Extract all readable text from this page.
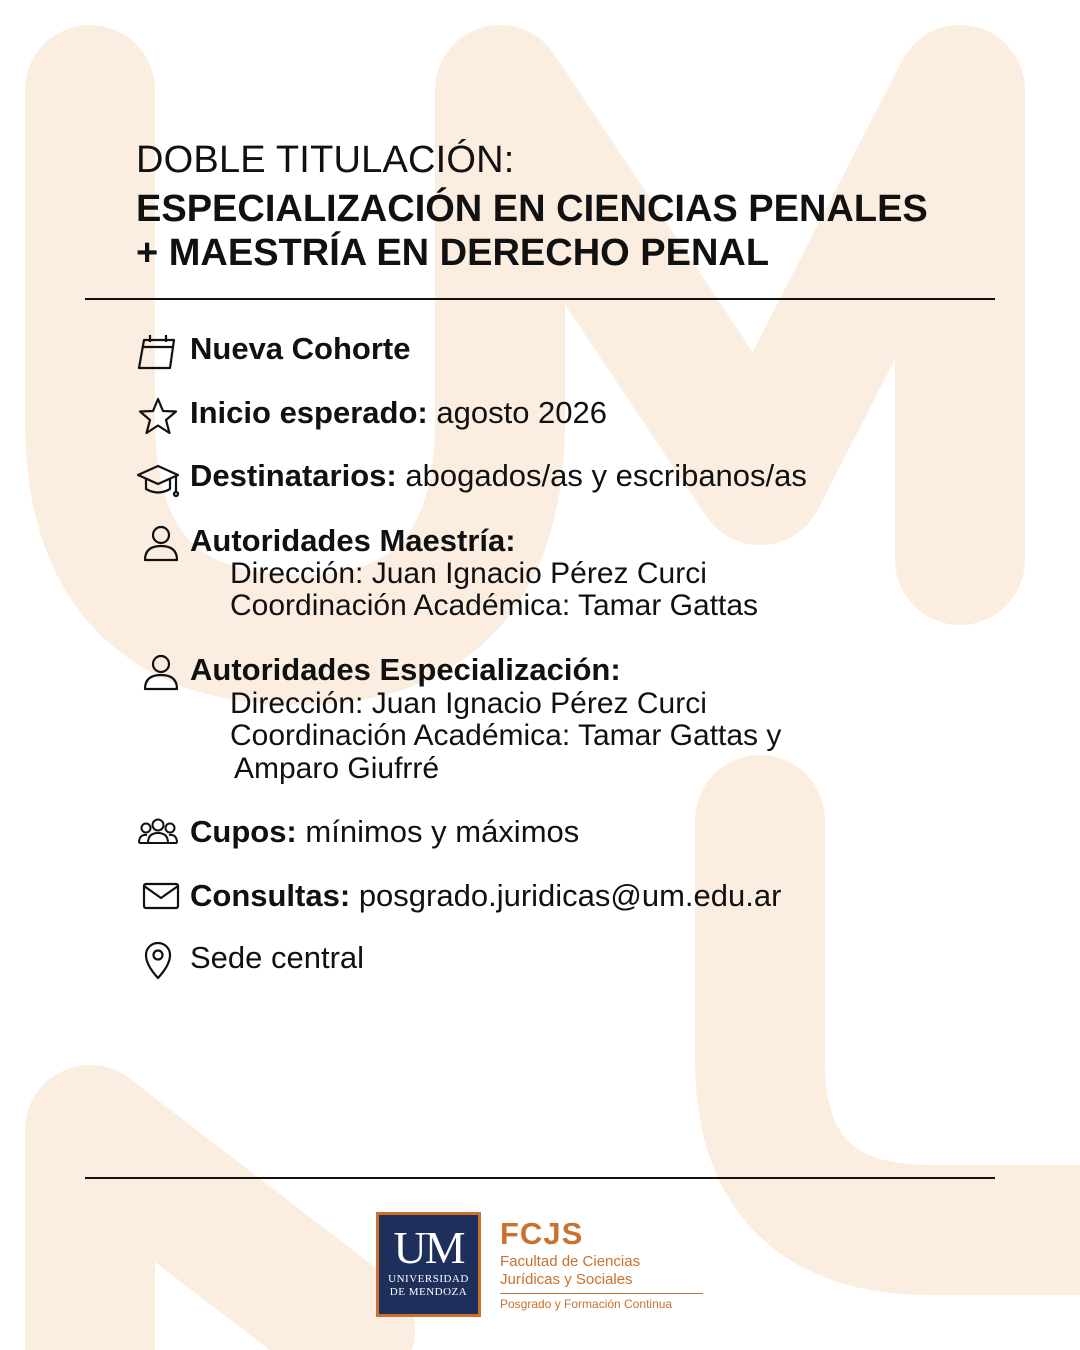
DOBLE TITULACIÓN:
ESPECIALIZACIÓN EN CIENCIAS PENALES
+ MAESTRÍA EN DERECHO PENAL
Nueva Cohorte
Inicio esperado: agosto 2026
Destinatarios: abogados/as y escribanos/as
Autoridades Maestría:
Dirección: Juan Ignacio Pérez Curci
Coordinación Académica: Tamar Gattas
Autoridades Especialización:
Dirección: Juan Ignacio Pérez Curci
Coordinación Académica: Tamar Gattas y
Amparo Giufrré
Cupos: mínimos y máximos
Consultas: posgrado.juridicas@um.edu.ar
Sede central
UM
UNIVERSIDAD
DE MENDOZA
FCJS
Facultad de Ciencias
Jurídicas y Sociales
Posgrado y Formación Continua
